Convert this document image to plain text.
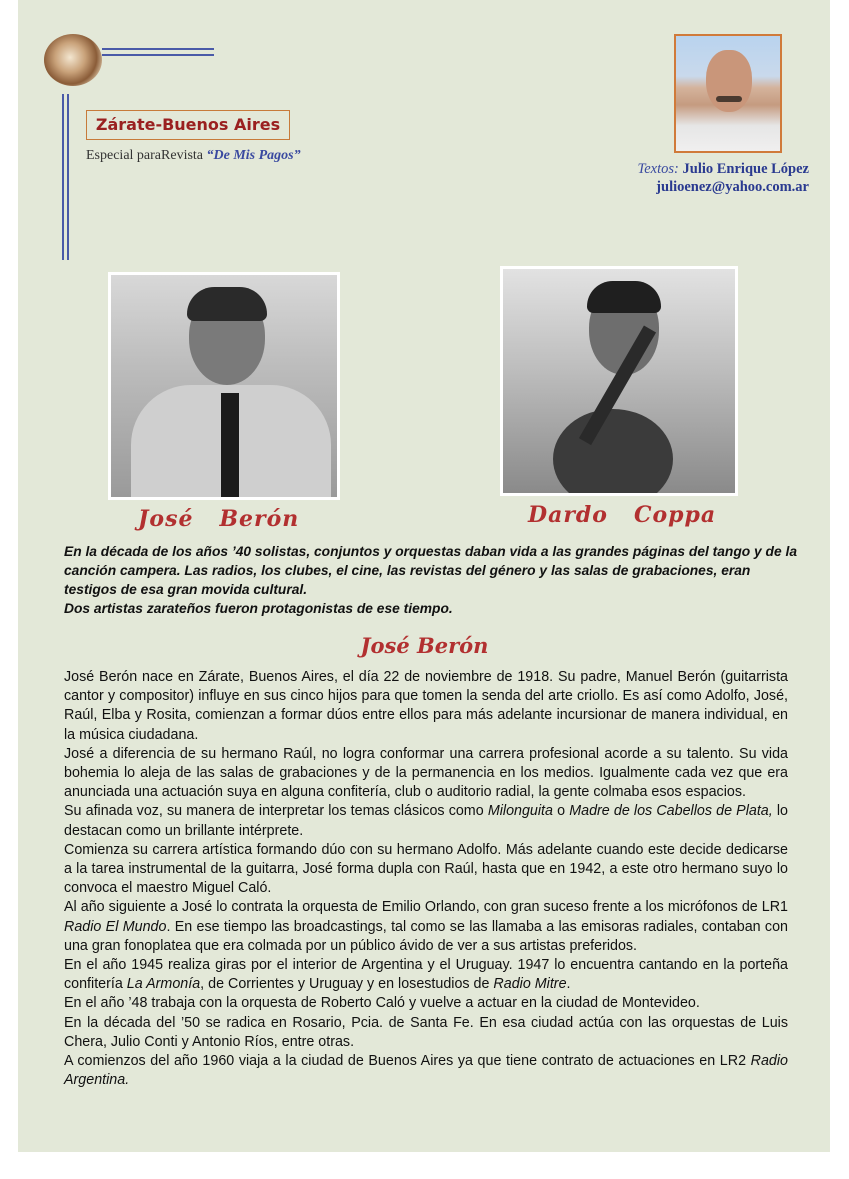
Zárate-Buenos Aires
Especial paraRevista “De Mis Pagos”
Textos: Julio Enrique López
julioenez@yahoo.com.ar
José   Berón	Dardo   Coppa

En la década de los años ’40 solistas, conjuntos y orquestas daban vida a las grandes páginas del tango y de la canción campera. Las radios, los clubes, el cine, las revistas del género y las salas de grabaciones, eran testigos de esa gran movida cultural.

Dos artistas zarateños fueron protagonistas de ese tiempo.

José Berón

José Berón nace en Zárate, Buenos Aires, el día 22 de noviembre de 1918. Su padre, Manuel Berón (guitarrista cantor y compositor) influye en sus cinco hijos para que tomen la senda del arte criollo. Es así como Adolfo, José, Raúl, Elba y Rosita, comienzan a formar dúos entre ellos para más adelante incursionar de manera individual, en la música ciudadana.

José a diferencia de su hermano Raúl, no logra conformar una carrera profesional acorde a su talento. Su vida bohemia lo aleja de las salas de grabaciones y de la permanencia en los medios. Igualmente cada vez que era anunciada una actuación suya en alguna confitería, club o auditorio radial, la gente colmaba esos espacios.

Su afinada voz, su manera de interpretar los temas clásicos como Milonguita o Madre de los Cabellos de Plata, lo destacan como un brillante intérprete.

Comienza su carrera artística formando dúo con su hermano Adolfo. Más adelante cuando este decide dedicarse a la tarea instrumental de la guitarra, José forma dupla con Raúl, hasta que en 1942, a este otro hermano suyo lo convoca el maestro Miguel Caló.

Al año siguiente a José lo contrata la orquesta de Emilio Orlando, con gran suceso frente a los micrófonos de LR1 Radio El Mundo. En ese tiempo las broadcastings, tal como se las llamaba a las emisoras radiales, contaban con una gran fonoplatea que era colmada por un público ávido de ver a sus artistas preferidos.

En el año 1945 realiza giras por el interior de Argentina y el Uruguay. 1947 lo encuentra cantando en la porteña confitería La Armonía, de Corrientes y Uruguay y en losestudios de Radio Mitre.

En el año ’48 trabaja con la orquesta de Roberto Caló y vuelve a actuar en la ciudad de Montevideo.

En la década del ’50 se radica en Rosario, Pcia. de Santa Fe. En esa ciudad actúa con las orquestas de Luis Chera, Julio Conti y Antonio Ríos, entre otras.

A comienzos del año 1960 viaja a la ciudad de Buenos Aires ya que tiene contrato de actuaciones en LR2 Radio Argentina.
